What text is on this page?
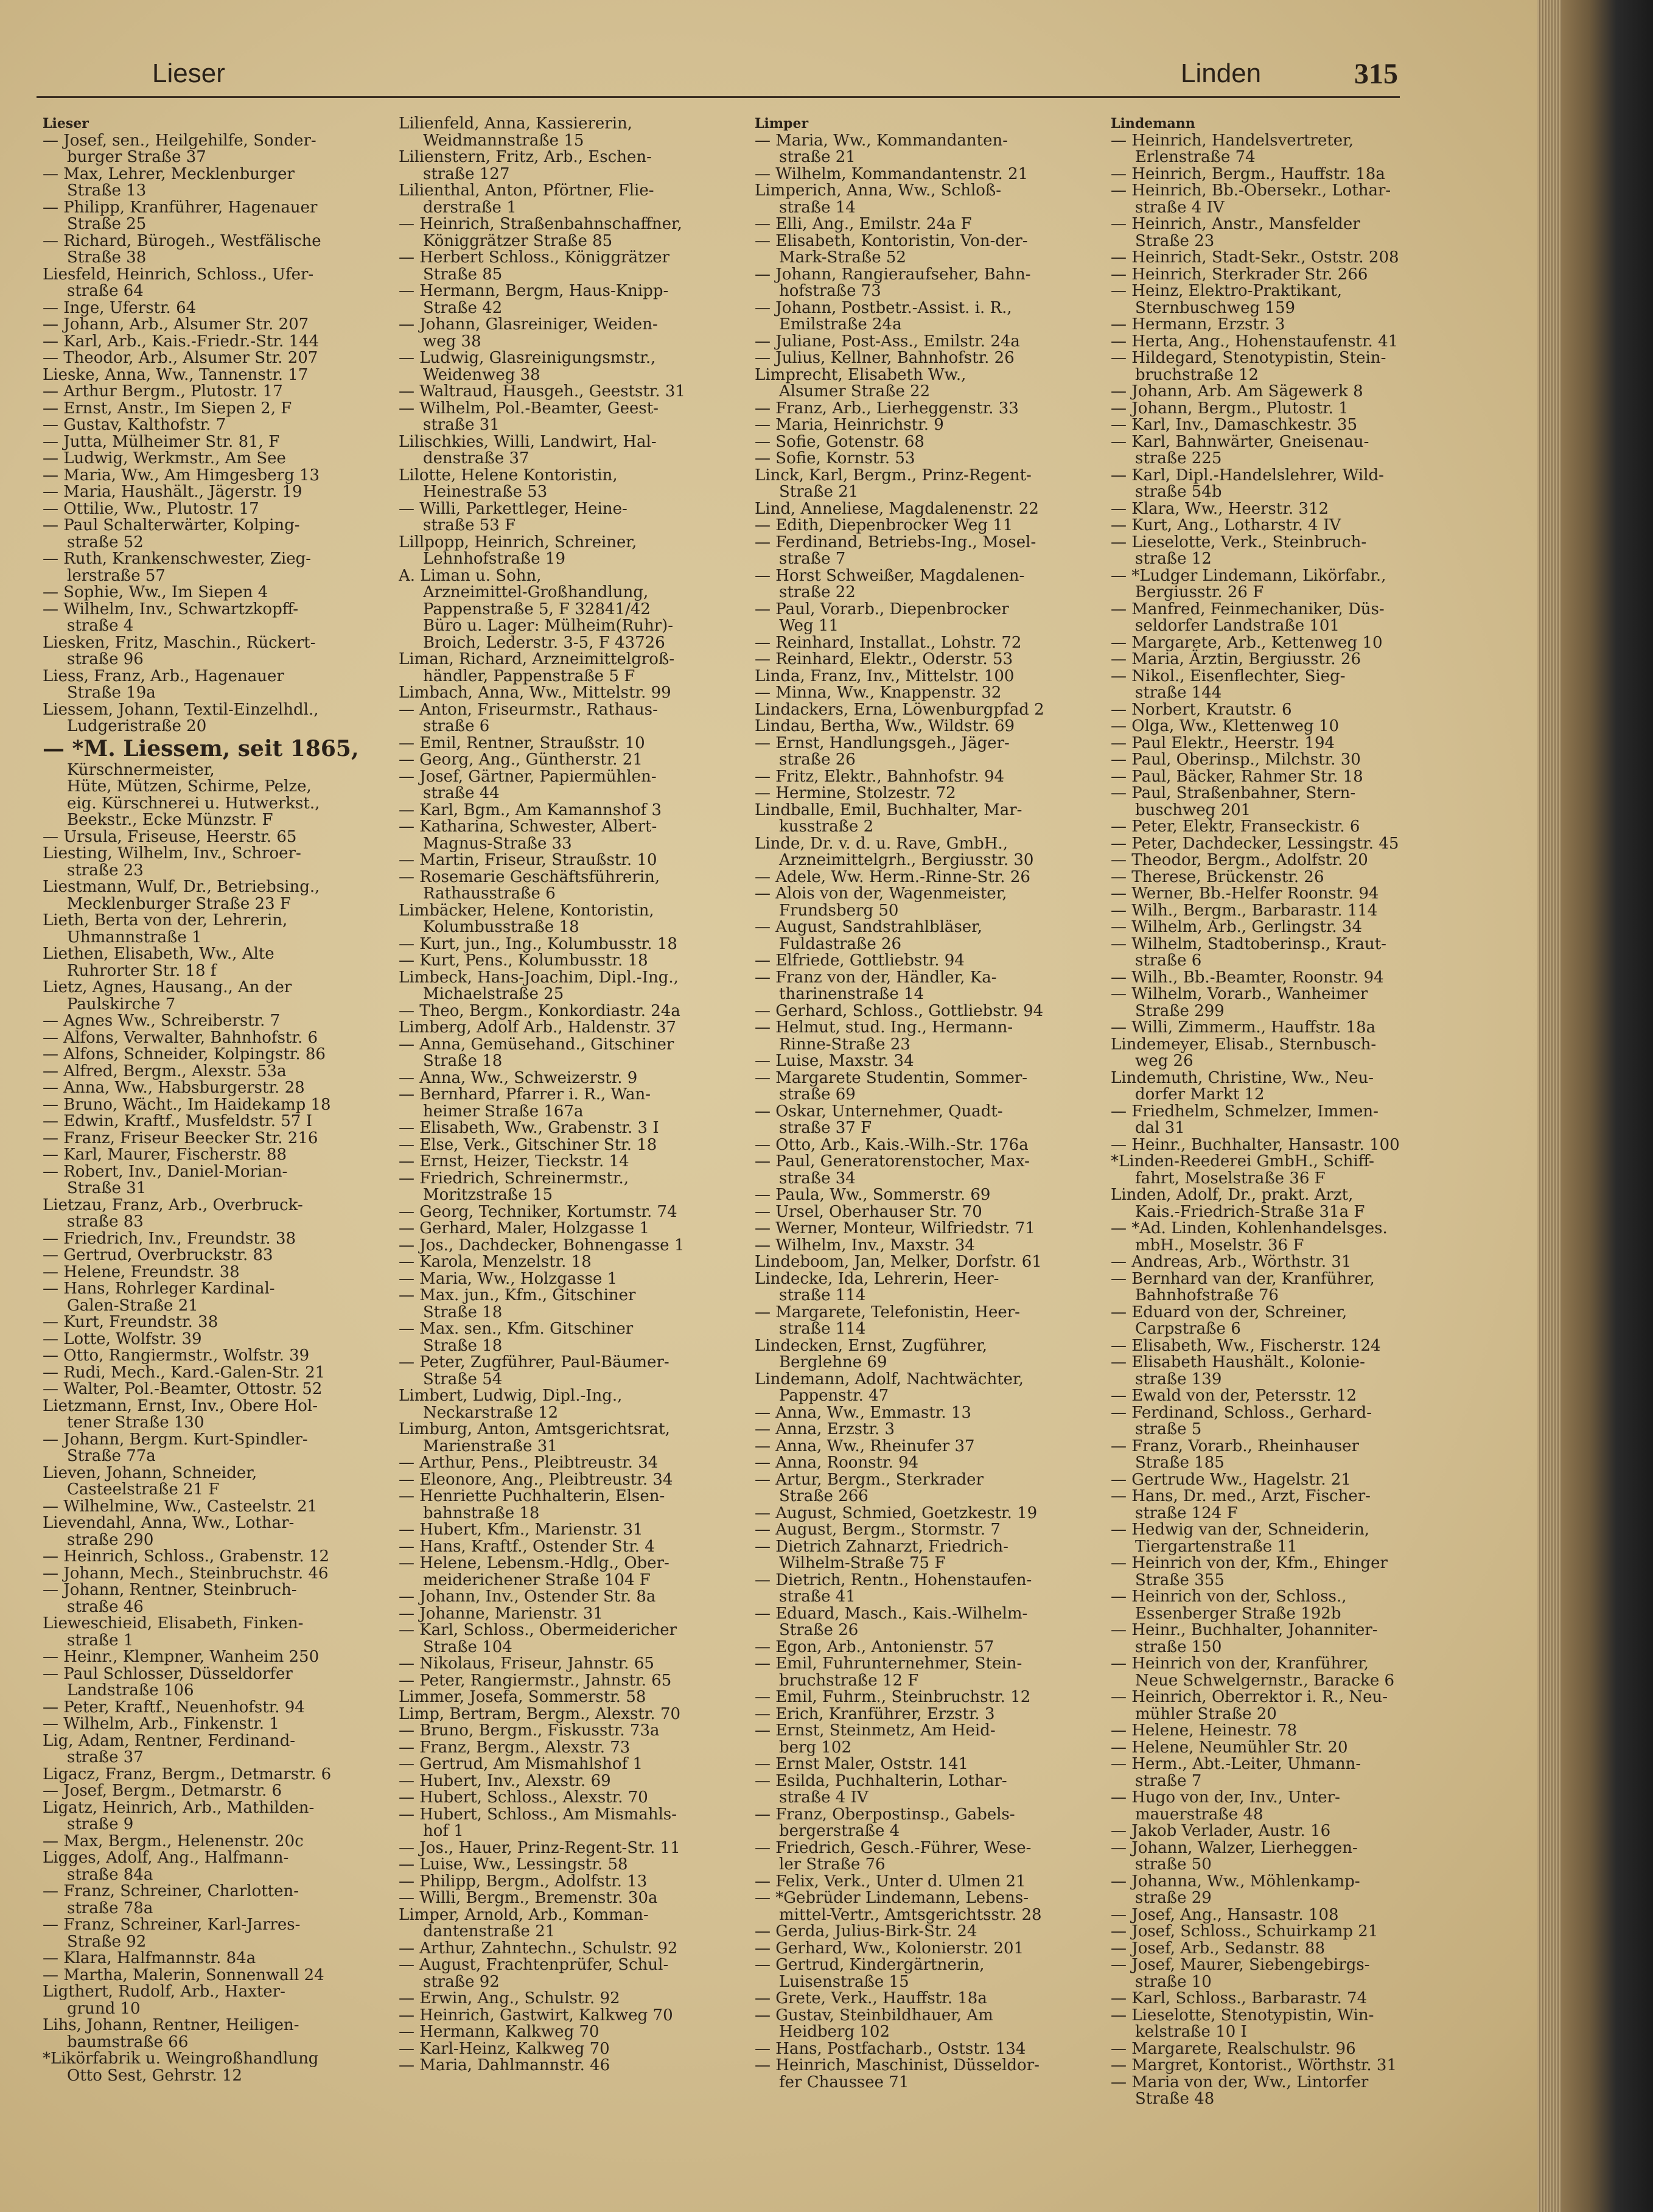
Lieser	Linden	315

Lieser

— Josef, sen., Heilgehilfe, Sonder-

burger Straße 37

— Max, Lehrer, Mecklenburger

Straße 13

— Philipp, Kranführer, Hagenauer

Straße 25

— Richard, Bürogeh., Westfälische

Straße 38

Liesfeld, Heinrich, Schloss., Ufer-

straße 64

— Inge, Uferstr. 64

— Johann, Arb., Alsumer Str. 207

— Karl, Arb., Kais.-Friedr.-Str. 144

— Theodor, Arb., Alsumer Str. 207

Lieske, Anna, Ww., Tannenstr. 17

— Arthur Bergm., Plutostr. 17

— Ernst, Anstr., Im Siepen 2, F

— Gustav, Kalthofstr. 7

— Jutta, Mülheimer Str. 81, F

— Ludwig, Werkmstr., Am See

— Maria, Ww., Am Himgesberg 13

— Maria, Haushält., Jägerstr. 19

— Ottilie, Ww., Plutostr. 17

— Paul Schalterwärter, Kolping-

straße 52

— Ruth, Krankenschwester, Zieg-

lerstraße 57

— Sophie, Ww., Im Siepen 4

— Wilhelm, Inv., Schwartzkopff-

straße 4

Liesken, Fritz, Maschin., Rückert-

straße 96

Liess, Franz, Arb., Hagenauer

Straße 19a

Liessem, Johann, Textil-Einzelhdl.,

Ludgeristraße 20

— *M. Liessem, seit 1865,

Kürschnermeister,

Hüte, Mützen, Schirme, Pelze,

eig. Kürschnerei u. Hutwerkst.,

Beekstr., Ecke Münzstr. F

— Ursula, Friseuse, Heerstr. 65

Liesting, Wilhelm, Inv., Schroer-

straße 23

Liestmann, Wulf, Dr., Betriebsing.,

Mecklenburger Straße 23 F

Lieth, Berta von der, Lehrerin,

Uhmannstraße 1

Liethen, Elisabeth, Ww., Alte

Ruhrorter Str. 18 f

Lietz, Agnes, Hausang., An der

Paulskirche 7

— Agnes Ww., Schreiberstr. 7

— Alfons, Verwalter, Bahnhofstr. 6

— Alfons, Schneider, Kolpingstr. 86

— Alfred, Bergm., Alexstr. 53a

— Anna, Ww., Habsburgerstr. 28

— Bruno, Wächt., Im Haidekamp 18

— Edwin, Kraftf., Musfeldstr. 57 I

— Franz, Friseur Beecker Str. 216

— Karl, Maurer, Fischerstr. 88

— Robert, Inv., Daniel-Morian-

Straße 31

Lietzau, Franz, Arb., Overbruck-

straße 83

— Friedrich, Inv., Freundstr. 38

— Gertrud, Overbruckstr. 83

— Helene, Freundstr. 38

— Hans, Rohrleger Kardinal-

Galen-Straße 21

— Kurt, Freundstr. 38

— Lotte, Wolfstr. 39

— Otto, Rangiermstr., Wolfstr. 39

— Rudi, Mech., Kard.-Galen-Str. 21

— Walter, Pol.-Beamter, Ottostr. 52

Lietzmann, Ernst, Inv., Obere Hol-

tener Straße 130

— Johann, Bergm. Kurt-Spindler-

Straße 77a

Lieven, Johann, Schneider,

Casteelstraße 21 F

— Wilhelmine, Ww., Casteelstr. 21

Lievendahl, Anna, Ww., Lothar-

straße 290

— Heinrich, Schloss., Grabenstr. 12

— Johann, Mech., Steinbruchstr. 46

— Johann, Rentner, Steinbruch-

straße 46

Lieweschieid, Elisabeth, Finken-

straße 1

— Heinr., Klempner, Wanheim 250

— Paul Schlosser, Düsseldorfer

Landstraße 106

— Peter, Kraftf., Neuenhofstr. 94

— Wilhelm, Arb., Finkenstr. 1

Lig, Adam, Rentner, Ferdinand-

straße 37

Ligacz, Franz, Bergm., Detmarstr. 6

— Josef, Bergm., Detmarstr. 6

Ligatz, Heinrich, Arb., Mathilden-

straße 9

— Max, Bergm., Helenenstr. 20c

Ligges, Adolf, Ang., Halfmann-

straße 84a

— Franz, Schreiner, Charlotten-

straße 78a

— Franz, Schreiner, Karl-Jarres-

Straße 92

— Klara, Halfmannstr. 84a

— Martha, Malerin, Sonnenwall 24

Ligthert, Rudolf, Arb., Haxter-

grund 10

Lihs, Johann, Rentner, Heiligen-

baumstraße 66

*Likörfabrik u. Weingroßhandlung

Otto Sest, Gehrstr. 12

Lilienfeld, Anna, Kassiererin,

Weidmannstraße 15

Lilienstern, Fritz, Arb., Eschen-

straße 127

Lilienthal, Anton, Pförtner, Flie-

derstraße 1

— Heinrich, Straßenbahnschaffner,

Königgrätzer Straße 85

— Herbert Schloss., Königgrätzer

Straße 85

— Hermann, Bergm, Haus-Knipp-

Straße 42

— Johann, Glasreiniger, Weiden-

weg 38

— Ludwig, Glasreinigungsmstr.,

Weidenweg 38

— Waltraud, Hausgeh., Geeststr. 31

— Wilhelm, Pol.-Beamter, Geest-

straße 31

Lilischkies, Willi, Landwirt, Hal-

denstraße 37

Lilotte, Helene Kontoristin,

Heinestraße 53

— Willi, Parkettleger, Heine-

straße 53 F

Lillpopp, Heinrich, Schreiner,

Lehnhofstraße 19

A. Liman u. Sohn,

Arzneimittel-Großhandlung,

Pappenstraße 5, F 32841/42

Büro u. Lager: Mülheim(Ruhr)-

Broich, Lederstr. 3-5, F 43726

Liman, Richard, Arzneimittelgroß-

händler, Pappenstraße 5 F

Limbach, Anna, Ww., Mittelstr. 99

— Anton, Friseurmstr., Rathaus-

straße 6

— Emil, Rentner, Straußstr. 10

— Georg, Ang., Güntherstr. 21

— Josef, Gärtner, Papiermühlen-

straße 44

— Karl, Bgm., Am Kamannshof 3

— Katharina, Schwester, Albert-

Magnus-Straße 33

— Martin, Friseur, Straußstr. 10

— Rosemarie Geschäftsführerin,

Rathausstraße 6

Limbäcker, Helene, Kontoristin,

Kolumbusstraße 18

— Kurt, jun., Ing., Kolumbusstr. 18

— Kurt, Pens., Kolumbusstr. 18

Limbeck, Hans-Joachim, Dipl.-Ing.,

Michaelstraße 25

— Theo, Bergm., Konkordiastr. 24a

Limberg, Adolf Arb., Haldenstr. 37

— Anna, Gemüsehand., Gitschiner

Straße 18

— Anna, Ww., Schweizerstr. 9

— Bernhard, Pfarrer i. R., Wan-

heimer Straße 167a

— Elisabeth, Ww., Grabenstr. 3 I

— Else, Verk., Gitschiner Str. 18

— Ernst, Heizer, Tieckstr. 14

— Friedrich, Schreinermstr.,

Moritzstraße 15

— Georg, Techniker, Kortumstr. 74

— Gerhard, Maler, Holzgasse 1

— Jos., Dachdecker, Bohnengasse 1

— Karola, Menzelstr. 18

— Maria, Ww., Holzgasse 1

— Max. jun., Kfm., Gitschiner

Straße 18

— Max. sen., Kfm. Gitschiner

Straße 18

— Peter, Zugführer, Paul-Bäumer-

Straße 54

Limbert, Ludwig, Dipl.-Ing.,

Neckarstraße 12

Limburg, Anton, Amtsgerichtsrat,

Marienstraße 31

— Arthur, Pens., Pleibtreustr. 34

— Eleonore, Ang., Pleibtreustr. 34

— Henriette Puchhalterin, Elsen-

bahnstraße 18

— Hubert, Kfm., Marienstr. 31

— Hans, Kraftf., Ostender Str. 4

— Helene, Lebensm.-Hdlg., Ober-

meiderichener Straße 104 F

— Johann, Inv., Ostender Str. 8a

— Johanne, Marienstr. 31

— Karl, Schloss., Obermeidericher

Straße 104

— Nikolaus, Friseur, Jahnstr. 65

— Peter, Rangiermstr., Jahnstr. 65

Limmer, Josefa, Sommerstr. 58

Limp, Bertram, Bergm., Alexstr. 70

— Bruno, Bergm., Fiskusstr. 73a

— Franz, Bergm., Alexstr. 73

— Gertrud, Am Mismahlshof 1

— Hubert, Inv., Alexstr. 69

— Hubert, Schloss., Alexstr. 70

— Hubert, Schloss., Am Mismahls-

hof 1

— Jos., Hauer, Prinz-Regent-Str. 11

— Luise, Ww., Lessingstr. 58

— Philipp, Bergm., Adolfstr. 13

— Willi, Bergm., Bremenstr. 30a

Limper, Arnold, Arb., Komman-

dantenstraße 21

— Arthur, Zahntechn., Schulstr. 92

— August, Frachtenprüfer, Schul-

straße 92

— Erwin, Ang., Schulstr. 92

— Heinrich, Gastwirt, Kalkweg 70

— Hermann, Kalkweg 70

— Karl-Heinz, Kalkweg 70

— Maria, Dahlmannstr. 46

Limper

— Maria, Ww., Kommandanten-

straße 21

— Wilhelm, Kommandantenstr. 21

Limperich, Anna, Ww., Schloß-

straße 14

— Elli, Ang., Emilstr. 24a F

— Elisabeth, Kontoristin, Von-der-

Mark-Straße 52

— Johann, Rangieraufseher, Bahn-

hofstraße 73

— Johann, Postbetr.-Assist. i. R.,

Emilstraße 24a

— Juliane, Post-Ass., Emilstr. 24a

— Julius, Kellner, Bahnhofstr. 26

Limprecht, Elisabeth Ww.,

Alsumer Straße 22

— Franz, Arb., Lierheggenstr. 33

— Maria, Heinrichstr. 9

— Sofie, Gotenstr. 68

— Sofie, Kornstr. 53

Linck, Karl, Bergm., Prinz-Regent-

Straße 21

Lind, Anneliese, Magdalenenstr. 22

— Edith, Diepenbrocker Weg 11

— Ferdinand, Betriebs-Ing., Mosel-

straße 7

— Horst Schweißer, Magdalenen-

straße 22

— Paul, Vorarb., Diepenbrocker

Weg 11

— Reinhard, Installat., Lohstr. 72

— Reinhard, Elektr., Oderstr. 53

Linda, Franz, Inv., Mittelstr. 100

— Minna, Ww., Knappenstr. 32

Lindackers, Erna, Löwenburgpfad 2

Lindau, Bertha, Ww., Wildstr. 69

— Ernst, Handlungsgeh., Jäger-

straße 26

— Fritz, Elektr., Bahnhofstr. 94

— Hermine, Stolzestr. 72

Lindballe, Emil, Buchhalter, Mar-

kusstraße 2

Linde, Dr. v. d. u. Rave, GmbH.,

Arzneimittelgrh., Bergiusstr. 30

— Adele, Ww. Herm.-Rinne-Str. 26

— Alois von der, Wagenmeister,

Frundsberg 50

— August, Sandstrahlbläser,

Fuldastraße 26

— Elfriede, Gottliebstr. 94

— Franz von der, Händler, Ka-

tharinenstraße 14

— Gerhard, Schloss., Gottliebstr. 94

— Helmut, stud. Ing., Hermann-

Rinne-Straße 23

— Luise, Maxstr. 34

— Margarete Studentin, Sommer-

straße 69

— Oskar, Unternehmer, Quadt-

straße 37 F

— Otto, Arb., Kais.-Wilh.-Str. 176a

— Paul, Generatorenstocher, Max-

straße 34

— Paula, Ww., Sommerstr. 69

— Ursel, Oberhauser Str. 70

— Werner, Monteur, Wilfriedstr. 71

— Wilhelm, Inv., Maxstr. 34

Lindeboom, Jan, Melker, Dorfstr. 61

Lindecke, Ida, Lehrerin, Heer-

straße 114

— Margarete, Telefonistin, Heer-

straße 114

Lindecken, Ernst, Zugführer,

Berglehne 69

Lindemann, Adolf, Nachtwächter,

Pappenstr. 47

— Anna, Ww., Emmastr. 13

— Anna, Erzstr. 3

— Anna, Ww., Rheinufer 37

— Anna, Roonstr. 94

— Artur, Bergm., Sterkrader

Straße 266

— August, Schmied, Goetzkestr. 19

— August, Bergm., Stormstr. 7

— Dietrich Zahnarzt, Friedrich-

Wilhelm-Straße 75 F

— Dietrich, Rentn., Hohenstaufen-

straße 41

— Eduard, Masch., Kais.-Wilhelm-

Straße 26

— Egon, Arb., Antonienstr. 57

— Emil, Fuhrunternehmer, Stein-

bruchstraße 12 F

— Emil, Fuhrm., Steinbruchstr. 12

— Erich, Kranführer, Erzstr. 3

— Ernst, Steinmetz, Am Heid-

berg 102

— Ernst Maler, Oststr. 141

— Esilda, Puchhalterin, Lothar-

straße 4 IV

— Franz, Oberpostinsp., Gabels-

bergerstraße 4

— Friedrich, Gesch.-Führer, Wese-

ler Straße 76

— Felix, Verk., Unter d. Ulmen 21

— *Gebrüder Lindemann, Lebens-

mittel-Vertr., Amtsgerichtsstr. 28

— Gerda, Julius-Birk-Str. 24

— Gerhard, Ww., Kolonierstr. 201

— Gertrud, Kindergärtnerin,

Luisenstraße 15

— Grete, Verk., Hauffstr. 18a

— Gustav, Steinbildhauer, Am

Heidberg 102

— Hans, Postfacharb., Oststr. 134

— Heinrich, Maschinist, Düsseldor-

fer Chaussee 71

Lindemann

— Heinrich, Handelsvertreter,

Erlenstraße 74

— Heinrich, Bergm., Hauffstr. 18a

— Heinrich, Bb.-Obersekr., Lothar-

straße 4 IV

— Heinrich, Anstr., Mansfelder

Straße 23

— Heinrich, Stadt-Sekr., Oststr. 208

— Heinrich, Sterkrader Str. 266

— Heinz, Elektro-Praktikant,

Sternbuschweg 159

— Hermann, Erzstr. 3

— Herta, Ang., Hohenstaufenstr. 41

— Hildegard, Stenotypistin, Stein-

bruchstraße 12

— Johann, Arb. Am Sägewerk 8

— Johann, Bergm., Plutostr. 1

— Karl, Inv., Damaschkestr. 35

— Karl, Bahnwärter, Gneisenau-

straße 225

— Karl, Dipl.-Handelslehrer, Wild-

straße 54b

— Klara, Ww., Heerstr. 312

— Kurt, Ang., Lotharstr. 4 IV

— Lieselotte, Verk., Steinbruch-

straße 12

— *Ludger Lindemann, Likörfabr.,

Bergiusstr. 26 F

— Manfred, Feinmechaniker, Düs-

seldorfer Landstraße 101

— Margarete, Arb., Kettenweg 10

— Maria, Ärztin, Bergiusstr. 26

— Nikol., Eisenflechter, Sieg-

straße 144

— Norbert, Krautstr. 6

— Olga, Ww., Klettenweg 10

— Paul Elektr., Heerstr. 194

— Paul, Oberinsp., Milchstr. 30

— Paul, Bäcker, Rahmer Str. 18

— Paul, Straßenbahner, Stern-

buschweg 201

— Peter, Elektr, Franseckistr. 6

— Peter, Dachdecker, Lessingstr. 45

— Theodor, Bergm., Adolfstr. 20

— Therese, Brückenstr. 26

— Werner, Bb.-Helfer Roonstr. 94

— Wilh., Bergm., Barbarastr. 114

— Wilhelm, Arb., Gerlingstr. 34

— Wilhelm, Stadtoberinsp., Kraut-

straße 6

— Wilh., Bb.-Beamter, Roonstr. 94

— Wilhelm, Vorarb., Wanheimer

Straße 299

— Willi, Zimmerm., Hauffstr. 18a

Lindemeyer, Elisab., Sternbusch-

weg 26

Lindemuth, Christine, Ww., Neu-

dorfer Markt 12

— Friedhelm, Schmelzer, Immen-

dal 31

— Heinr., Buchhalter, Hansastr. 100

*Linden-Reederei GmbH., Schiff-

fahrt, Moselstraße 36 F

Linden, Adolf, Dr., prakt. Arzt,

Kais.-Friedrich-Straße 31a F

— *Ad. Linden, Kohlenhandelsges.

mbH., Moselstr. 36 F

— Andreas, Arb., Wörthstr. 31

— Bernhard van der, Kranführer,

Bahnhofstraße 76

— Eduard von der, Schreiner,

Carpstraße 6

— Elisabeth, Ww., Fischerstr. 124

— Elisabeth Haushält., Kolonie-

straße 139

— Ewald von der, Petersstr. 12

— Ferdinand, Schloss., Gerhard-

straße 5

— Franz, Vorarb., Rheinhauser

Straße 185

— Gertrude Ww., Hagelstr. 21

— Hans, Dr. med., Arzt, Fischer-

straße 124 F

— Hedwig van der, Schneiderin,

Tiergartenstraße 11

— Heinrich von der, Kfm., Ehinger

Straße 355

— Heinrich von der, Schloss.,

Essenberger Straße 192b

— Heinr., Buchhalter, Johanniter-

straße 150

— Heinrich von der, Kranführer,

Neue Schwelgernstr., Baracke 6

— Heinrich, Oberrektor i. R., Neu-

mühler Straße 20

— Helene, Heinestr. 78

— Helene, Neumühler Str. 20

— Herm., Abt.-Leiter, Uhmann-

straße 7

— Hugo von der, Inv., Unter-

mauerstraße 48

— Jakob Verlader, Austr. 16

— Johann, Walzer, Lierheggen-

straße 50

— Johanna, Ww., Möhlenkamp-

straße 29

— Josef, Ang., Hansastr. 108

— Josef, Schloss., Schuirkamp 21

— Josef, Arb., Sedanstr. 88

— Josef, Maurer, Siebengebirgs-

straße 10

— Karl, Schloss., Barbarastr. 74

— Lieselotte, Stenotypistin, Win-

kelstraße 10 I

— Margarete, Realschulstr. 96

— Margret, Kontorist., Wörthstr. 31

— Maria von der, Ww., Lintorfer

Straße 48
